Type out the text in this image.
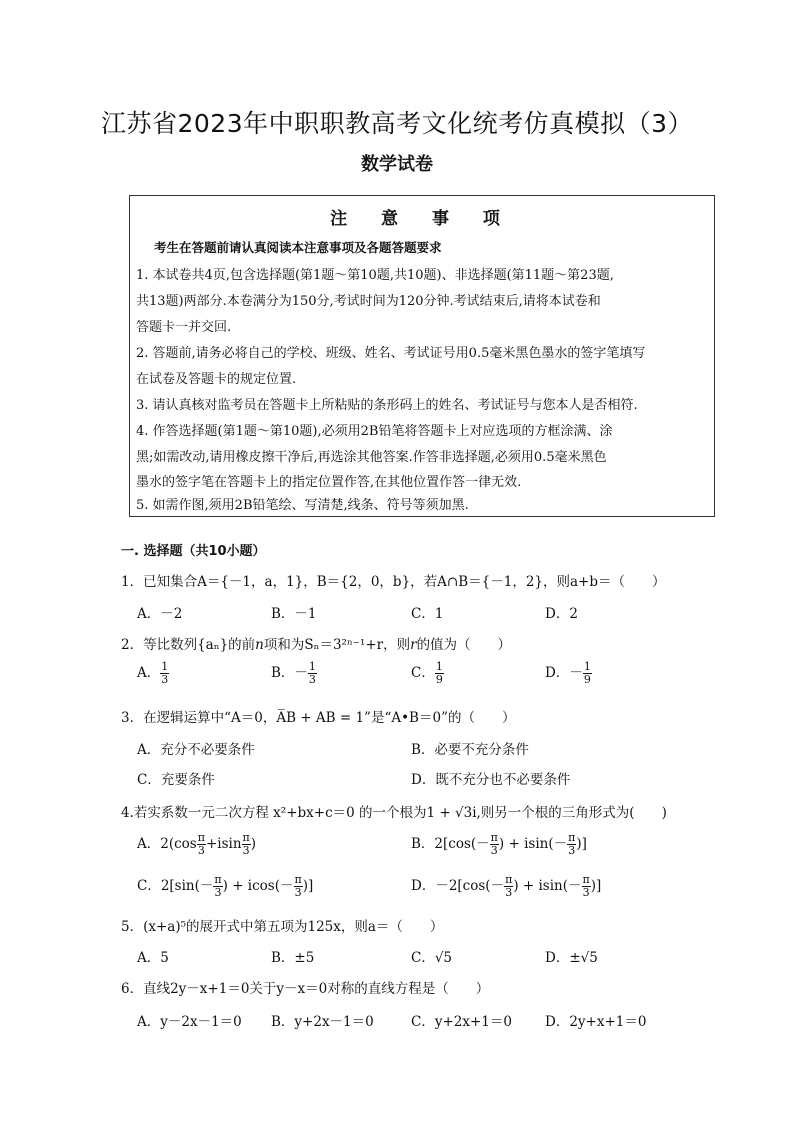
江苏省2023年中职职教高考文化统考仿真模拟（3）
数学试卷
注 意 事 项
考生在答题前请认真阅读本注意事项及各题答题要求
1. 本试卷共4页,包含选择题(第1题～第10题,共10题)、非选择题(第11题～第23题,
共13题)两部分.本卷满分为150分,考试时间为120分钟.考试结束后,请将本试卷和
答题卡一并交回.
2. 答题前,请务必将自己的学校、班级、姓名、考试证号用0.5毫米黑色墨水的签字笔填写
在试卷及答题卡的规定位置.
3. 请认真核对监考员在答题卡上所粘贴的条形码上的姓名、考试证号与您本人是否相符.
4. 作答选择题(第1题～第10题),必须用2B铅笔将答题卡上对应选项的方框涂满、涂
黑;如需改动,请用橡皮擦干净后,再选涂其他答案.作答非选择题,必须用0.5毫米黑色
墨水的签字笔在答题卡上的指定位置作答,在其他位置作答一律无效.
5. 如需作图,须用2B铅笔绘、写清楚,线条、符号等须加黑.
一. 选择题（共10小题）
1．已知集合A＝{－1，a，1}，B＝{2，0，b}，若A∩B＝{－1，2}，则a+b＝（　　）
A．－2	B．－1	C．1	D．2
2．等比数列{aₙ}的前n项和为Sₙ＝3²ⁿ⁻¹+r，则r的值为（　　）
A． $\frac{1}{3}$	B．－ $\frac{1}{3}$	C． $\frac{1}{9}$	D．－ $\frac{1}{9}$
3．在逻辑运算中“A＝0，A̅B + AB = 1”是“A•B＝0”的（　　）
A．充分不必要条件	B．必要不充分条件
C．充要条件	D．既不充分也不必要条件
4.若实系数一元二次方程 x²+bx+c＝0 的一个根为1 + √3i,则另一个根的三角形式为(　　)
A．$2(\cos \frac{\pi}{3} +isin \frac{\pi}{3}$ )	B．$2[\cos(- \frac{\pi}{3}$ ) + $isin(- \frac{\pi}{3}$ )]
C．$2[\sin(- \frac{\pi}{3}$ ) + $icos(- \frac{\pi}{3}$ )]	D．$-2[\cos(- \frac{\pi}{3}$ ) + $isin(- \frac{\pi}{3}$ )]
5．(x+a)⁵的展开式中第五项为125x，则a＝（　　）
A．5	B．±5	C．√5	D．±√5
6．直线2y－x+1＝0关于y－x＝0对称的直线方程是（　　）
A．y－2x－1＝0 B．y+2x－1＝0	C．y+2x+1＝0 D．2y+x+1＝0
